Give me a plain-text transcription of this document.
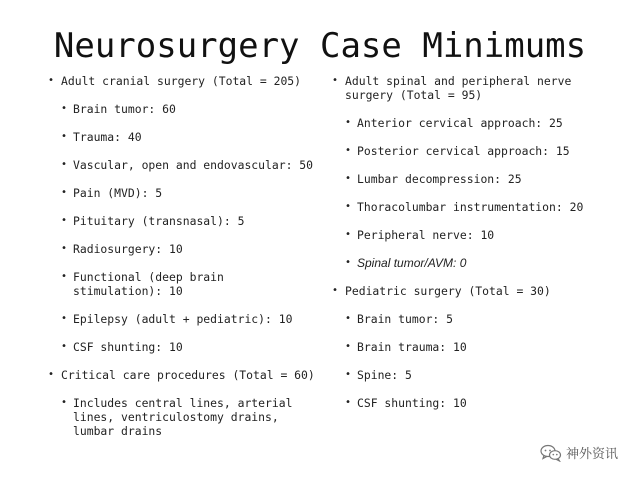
Neurosurgery Case Minimums
• Adult cranial surgery (Total = 205)
• Brain tumor: 60
• Trauma: 40
• Vascular, open and endovascular: 50
• Pain (MVD): 5
• Pituitary (transnasal): 5
• Radiosurgery: 10
• Functional (deep brain stimulation): 10
• Epilepsy (adult + pediatric): 10
• CSF shunting: 10
• Critical care procedures (Total = 60)
• Includes central lines, arterial lines, ventriculostomy drains, lumbar drains
• Adult spinal and peripheral nerve surgery (Total = 95)
• Anterior cervical approach: 25
• Posterior cervical approach: 15
• Lumbar decompression: 25
• Thoracolumbar instrumentation: 20
• Peripheral nerve: 10
• Spinal tumor/AVM: 0
• Pediatric surgery (Total = 30)
• Brain tumor: 5
• Brain trauma: 10
• Spine: 5
• CSF shunting: 10
神外资讯
